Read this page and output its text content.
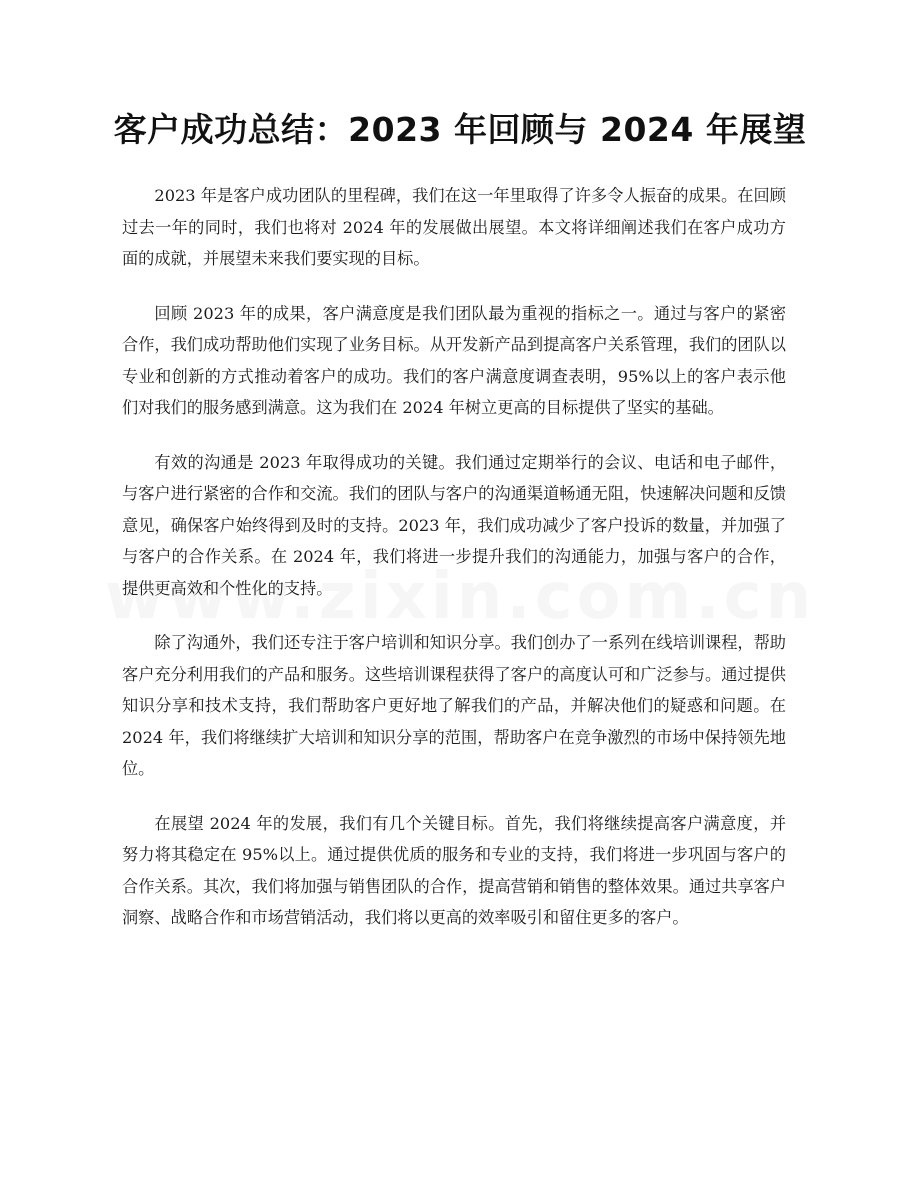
客户成功总结：2023 年回顾与 2024 年展望

2023 年是客户成功团队的里程碑，我们在这一年里取得了许多令人振奋的成果。在回顾过去一年的同时，我们也将对 2024 年的发展做出展望。本文将详细阐述我们在客户成功方面的成就，并展望未来我们要实现的目标。

回顾 2023 年的成果，客户满意度是我们团队最为重视的指标之一。通过与客户的紧密合作，我们成功帮助他们实现了业务目标。从开发新产品到提高客户关系管理，我们的团队以专业和创新的方式推动着客户的成功。我们的客户满意度调查表明，95%以上的客户表示他们对我们的服务感到满意。这为我们在 2024 年树立更高的目标提供了坚实的基础。

有效的沟通是 2023 年取得成功的关键。我们通过定期举行的会议、电话和电子邮件，与客户进行紧密的合作和交流。我们的团队与客户的沟通渠道畅通无阻，快速解决问题和反馈意见，确保客户始终得到及时的支持。2023 年，我们成功减少了客户投诉的数量，并加强了与客户的合作关系。在 2024 年，我们将进一步提升我们的沟通能力，加强与客户的合作，提供更高效和个性化的支持。

除了沟通外，我们还专注于客户培训和知识分享。我们创办了一系列在线培训课程，帮助客户充分利用我们的产品和服务。这些培训课程获得了客户的高度认可和广泛参与。通过提供知识分享和技术支持，我们帮助客户更好地了解我们的产品，并解决他们的疑惑和问题。在 2024 年，我们将继续扩大培训和知识分享的范围，帮助客户在竞争激烈的市场中保持领先地位。

在展望 2024 年的发展，我们有几个关键目标。首先，我们将继续提高客户满意度，并努力将其稳定在 95%以上。通过提供优质的服务和专业的支持，我们将进一步巩固与客户的合作关系。其次，我们将加强与销售团队的合作，提高营销和销售的整体效果。通过共享客户洞察、战略合作和市场营销活动，我们将以更高的效率吸引和留住更多的客户。
